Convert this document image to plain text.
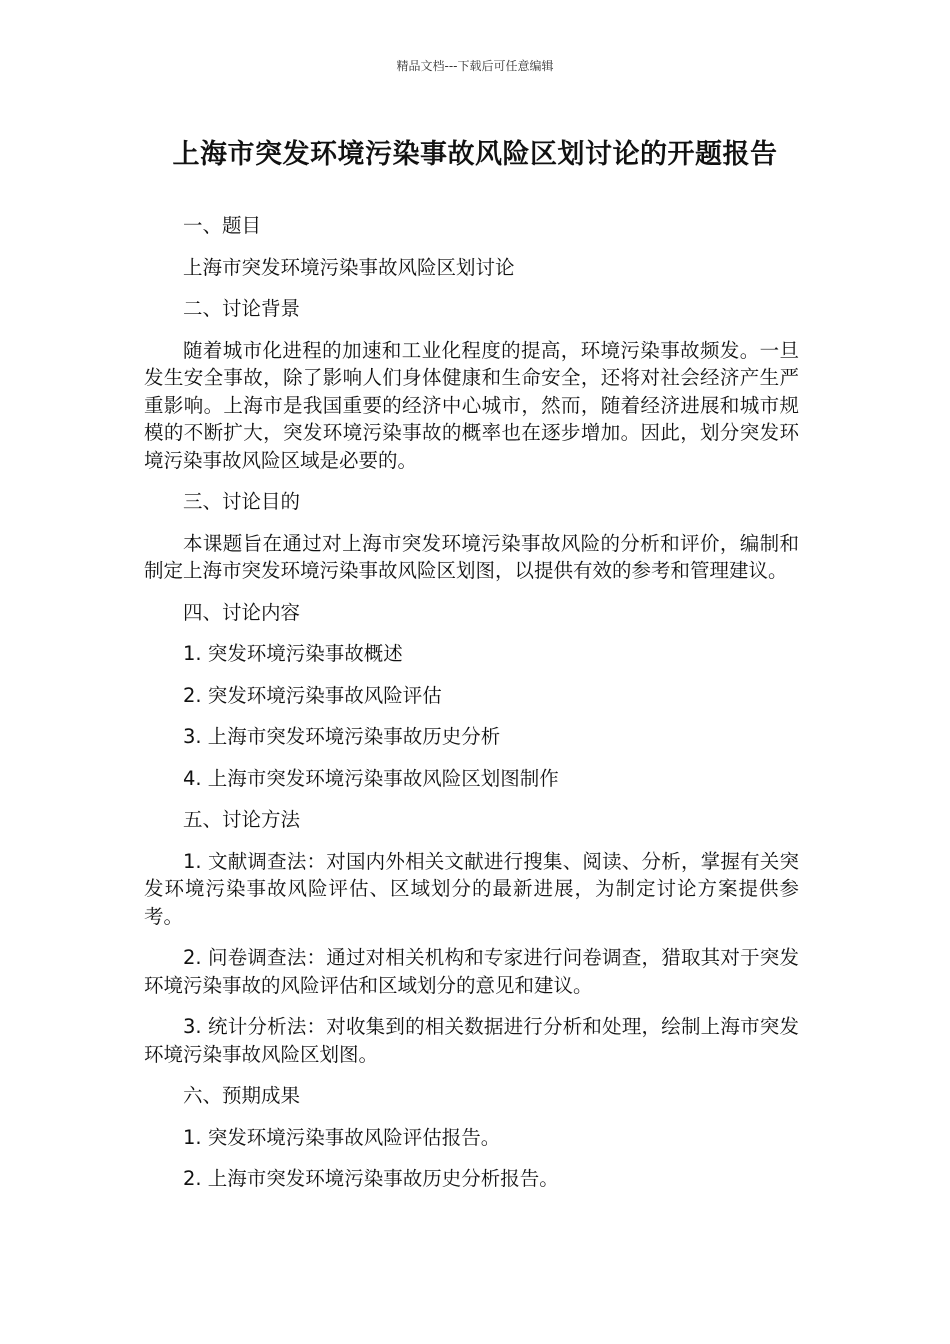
精品文档---下载后可任意编辑
上海市突发环境污染事故风险区划讨论的开题报告

一、题目

上海市突发环境污染事故风险区划讨论

二、讨论背景

随着城市化进程的加速和工业化程度的提高，环境污染事故频发。一旦发生安全事故，除了影响人们身体健康和生命安全，还将对社会经济产生严重影响。上海市是我国重要的经济中心城市，然而，随着经济进展和城市规模的不断扩大，突发环境污染事故的概率也在逐步增加。因此，划分突发环境污染事故风险区域是必要的。

三、讨论目的

本课题旨在通过对上海市突发环境污染事故风险的分析和评价，编制和制定上海市突发环境污染事故风险区划图，以提供有效的参考和管理建议。

四、讨论内容

1. 突发环境污染事故概述

2. 突发环境污染事故风险评估

3. 上海市突发环境污染事故历史分析

4. 上海市突发环境污染事故风险区划图制作

五、讨论方法

1. 文献调查法：对国内外相关文献进行搜集、阅读、分析，掌握有关突发环境污染事故风险评估、区域划分的最新进展，为制定讨论方案提供参考。

2. 问卷调查法：通过对相关机构和专家进行问卷调查，猎取其对于突发环境污染事故的风险评估和区域划分的意见和建议。

3. 统计分析法：对收集到的相关数据进行分析和处理，绘制上海市突发环境污染事故风险区划图。

六、预期成果

1. 突发环境污染事故风险评估报告。

2. 上海市突发环境污染事故历史分析报告。
